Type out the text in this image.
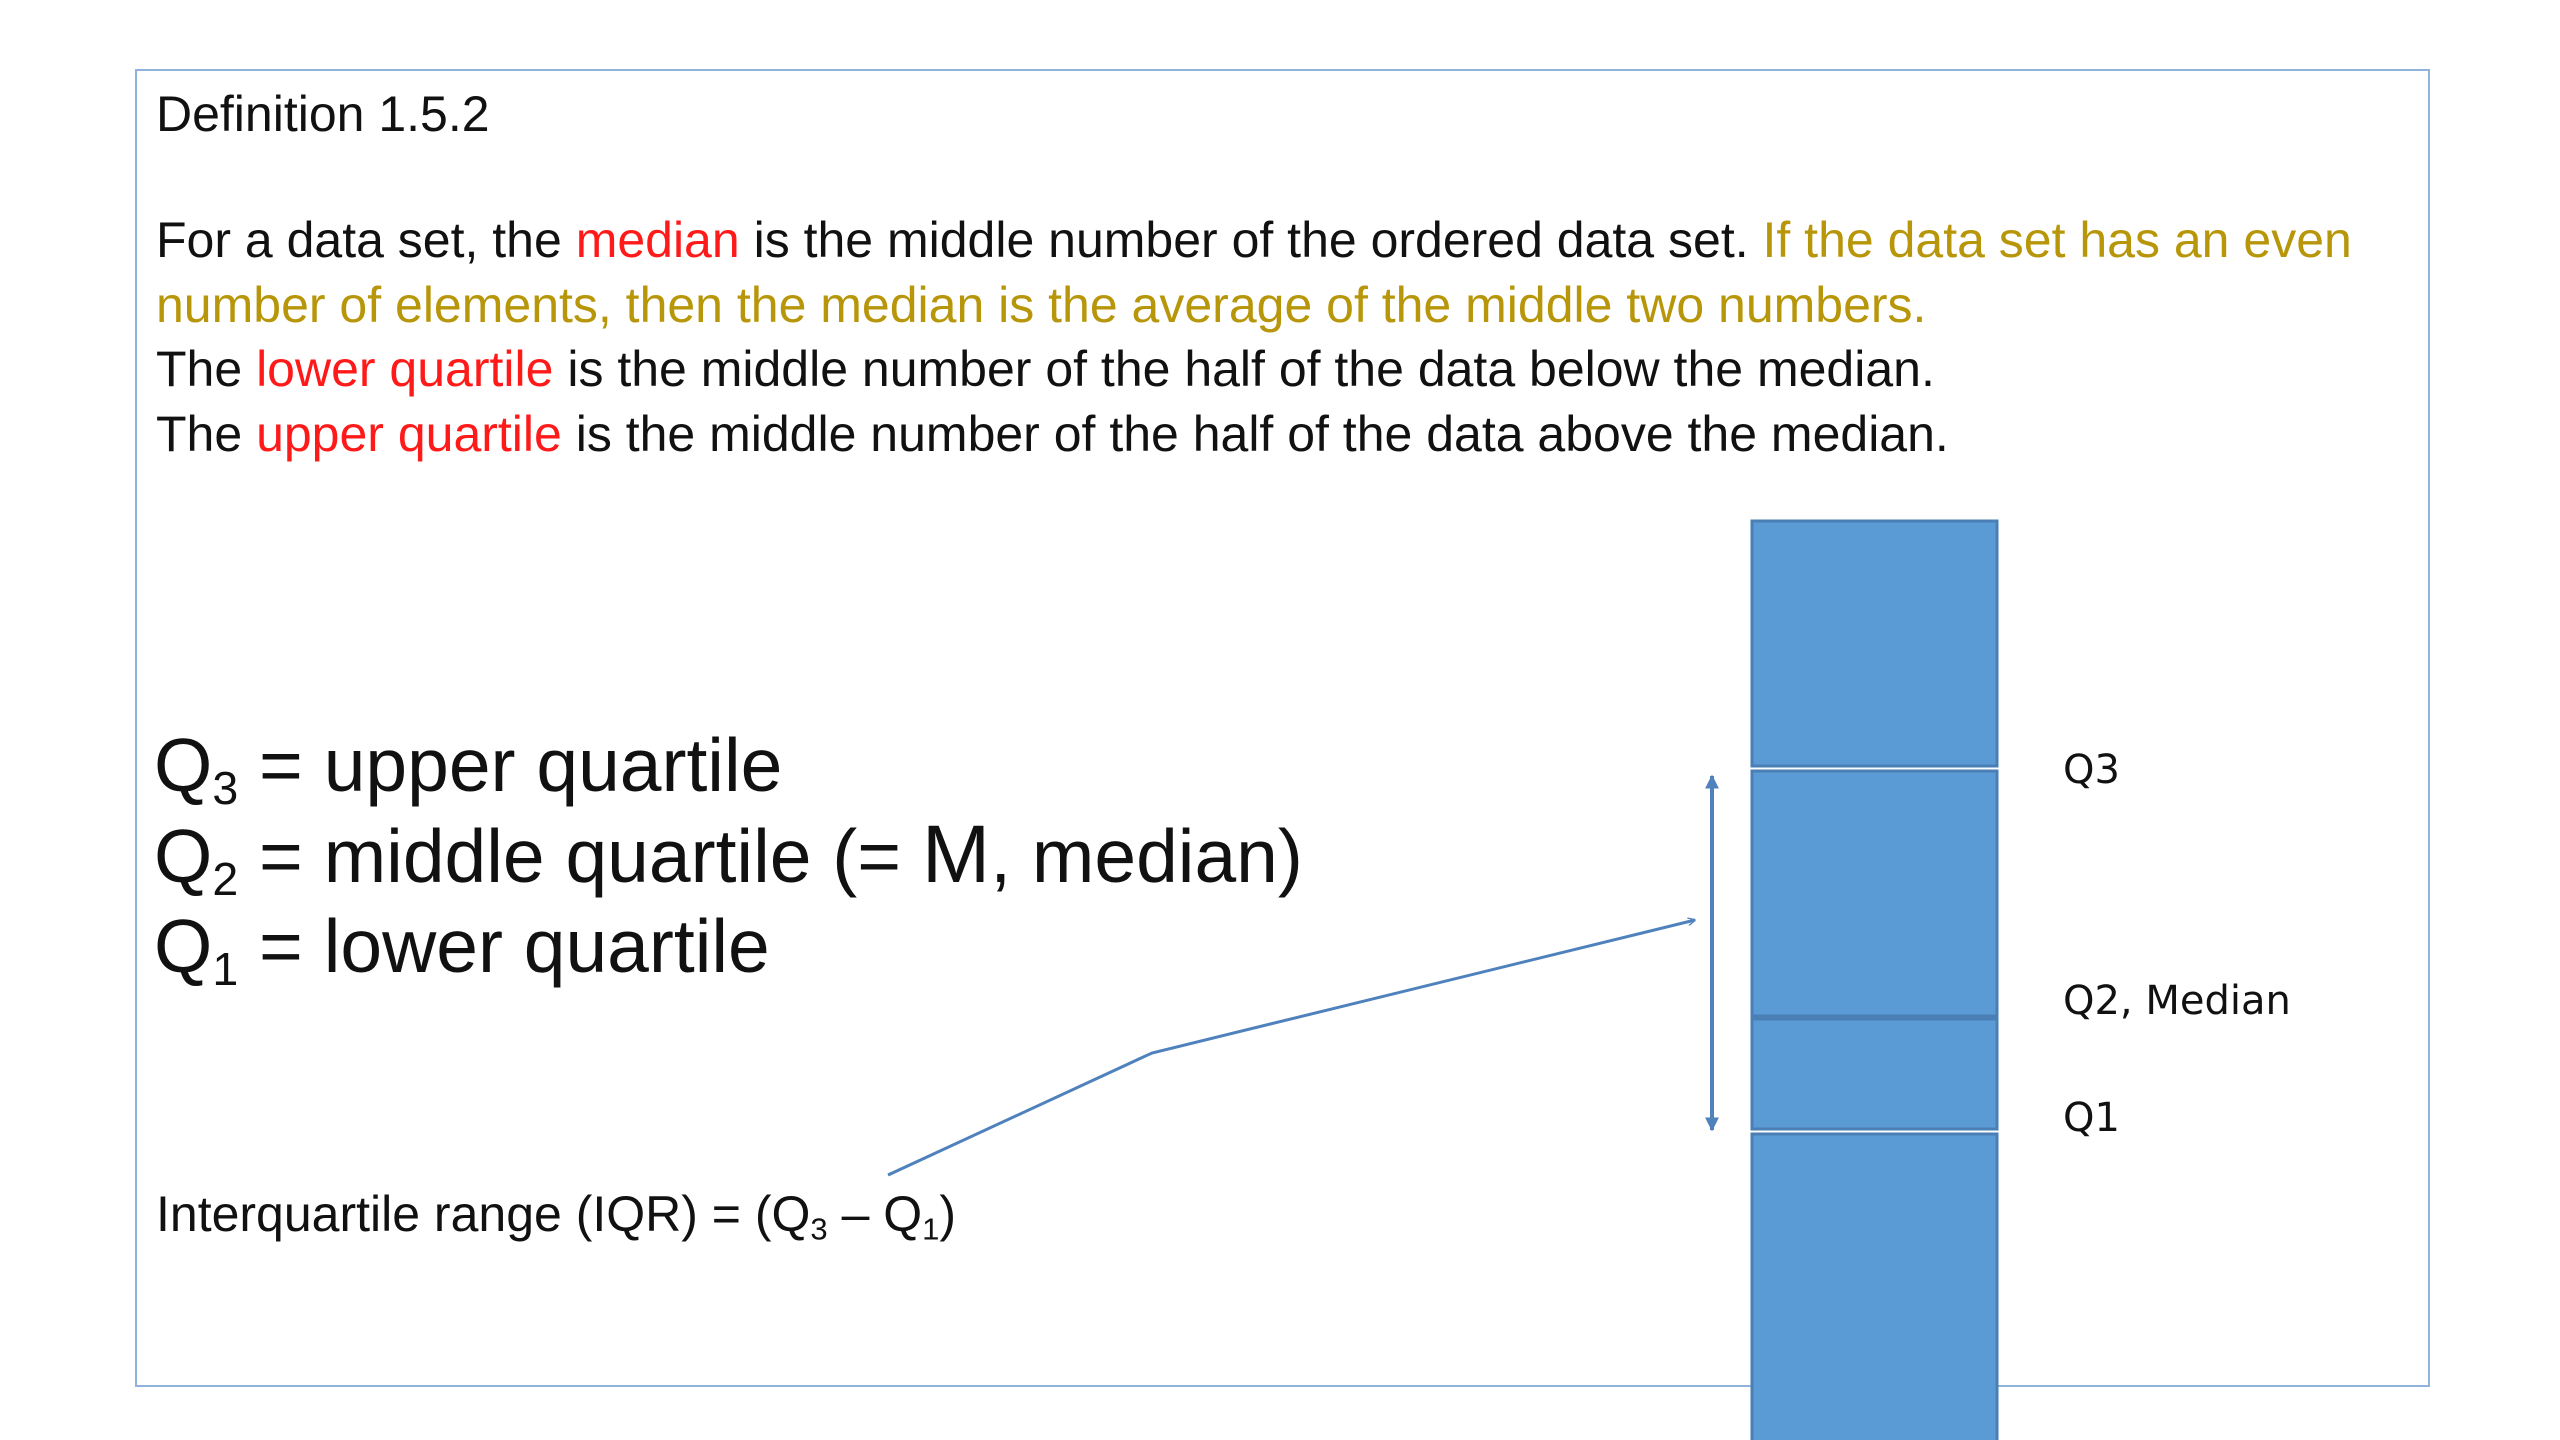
Definition 1.5.2

For a data set, the median is the middle number of the ordered data set. If the data set has an even number of elements, then the median is the average of the middle two numbers.

The lower quartile is the middle number of the half of the data below the median.

The upper quartile is the middle number of the half of the data above the median.

$Q_3$ = upper quartile
$Q_2$ = middle quartile (= M, median)
$Q_1$ = lower quartile
Interquartile range $(IQR) = (Q_3 - Q_1)$
Q3
Q2, Median
Q1
